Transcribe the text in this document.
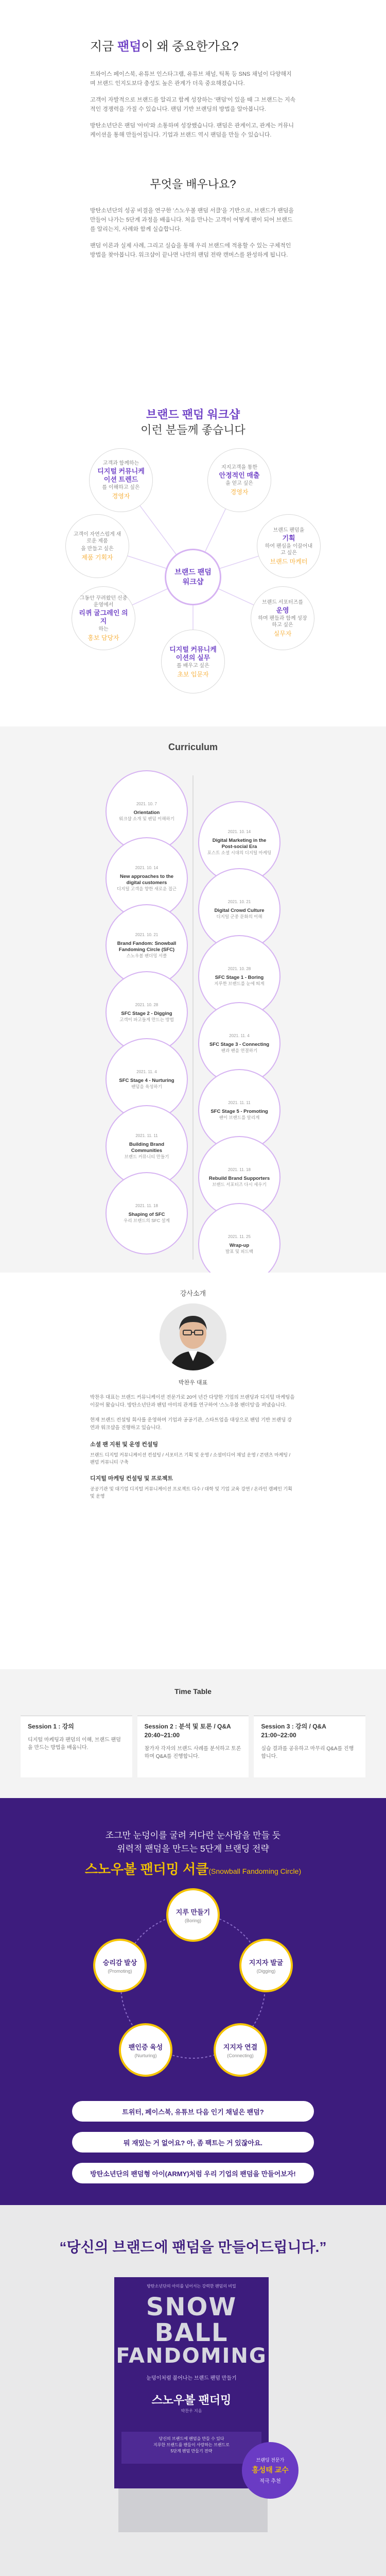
지금 팬덤이 왜 중요한가요?

트와이스 페이스북, 유튜브 인스타그램, 유튜브 채널, 틱톡 등 SNS 채널이 다양해지며 브랜드 인지도보다 충성도 높은 관계가 더욱 중요해졌습니다.

고객이 자발적으로 브랜드를 알리고 함께 성장하는 '팬덤'이 있을 때 그 브랜드는 지속적인 경쟁력을 가질 수 있습니다. 팬덤 기반 브랜딩의 방법을 알아봅니다.

방탄소년단은 팬덤 '아미'와 소통하며 성장했습니다. 팬덤은 관계이고, 관계는 커뮤니케이션을 통해 만들어집니다. 기업과 브랜드 역시 팬덤을 만들 수 있습니다.

무엇을 배우나요?

방탄소년단의 성공 비결을 연구한 '스노우볼 팬덤 서클'을 기반으로, 브랜드가 팬덤을 만들어 나가는 5단계 과정을 배웁니다. 처음 만나는 고객이 어떻게 팬이 되어 브랜드를 알리는지, 사례와 함께 실습합니다.

팬덤 이론과 실제 사례, 그리고 실습을 통해 우리 브랜드에 적용할 수 있는 구체적인 방법을 찾아봅니다. 워크샵이 끝나면 나만의 팬덤 전략 캔버스를 완성하게 됩니다.

브랜드 팬덤 워크샵
이런 분들께 좋습니다
브랜드 팬덤 워크샵
고객과 함께하는
디지털 커뮤니케이션 트렌드
를 이해하고 싶은
경영자
지지고객을 통한
안정적인 매출
을 얻고 싶은
경영자
고객이 자연스럽게 새로운 제품
을 만들고 싶은
제품 기획자
브랜드 팬덤을
기획
하여 팬심을 이끌어내고 싶은
브랜드 마케터
그동안 꾸려왔던 신중 운영에서
리퀴 굴그레인 의지
하는
홍보 담당자
브랜드 서포터즈를
운영
하며 팬들과 함께 성장하고 싶은
실무자
디지털 커뮤니케이션의 실무
를 배우고 싶은
초보 입문자
Curriculum
2021. 10. 7
Orientation
워크샵 소개 및 팬덤 이해하기
2021. 10. 14
Digital Marketing in the Post-social Era
포스트 소셜 시대의 디지털 마케팅
2021. 10. 14
New approaches to the digital customers
디지털 고객을 향한 새로운 접근
2021. 10. 21
Digital Crowd Culture
디지털 군중 문화의 이해
2021. 10. 21
Brand Fandom: Snowball Fandoming Circle (SFC)
스노우볼 팬더밍 서클
2021. 10. 28
SFC Stage 1 - Boring
지루한 브랜드를 눈에 띄게
2021. 10. 28
SFC Stage 2 - Digging
고객이 파고들게 만드는 방법
2021. 11. 4
SFC Stage 3 - Connecting
팬과 팬을 연결하기
2021. 11. 4
SFC Stage 4 - Nurturing
팬덤을 육성하기
2021. 11. 11
SFC Stage 5 - Promoting
팬이 브랜드를 알리게
2021. 11. 11
Building Brand Communities
브랜드 커뮤니티 만들기
2021. 11. 18
Rebuild Brand Supporters
브랜드 서포터즈 다시 세우기
2021. 11. 18
Shaping of SFC
우리 브랜드의 SFC 설계
2021. 11. 25
Wrap-up
발표 및 피드백
강사소개
박찬우 대표

박찬우 대표는 브랜드 커뮤니케이션 전문가로 20여 년간 다양한 기업의 브랜딩과 디지털 마케팅을 이끌어 왔습니다. 방탄소년단과 팬덤 아미의 관계를 연구하여 '스노우볼 팬더밍'을 펴냈습니다.

현재 브랜드 컨설팅 회사를 운영하며 기업과 공공기관, 스타트업을 대상으로 팬덤 기반 브랜딩 강연과 워크샵을 진행하고 있습니다.

소셜 팬 지원 및 운영 컨설팅

브랜드 디지털 커뮤니케이션 컨설팅 / 서포터즈 기획 및 운영 / 소셜미디어 채널 운영 / 콘텐츠 마케팅 / 팬덤 커뮤니티 구축

디지털 마케팅 컨설팅 및 프로젝트

공공기관 및 대기업 디지털 커뮤니케이션 프로젝트 다수 / 대학 및 기업 교육 강연 / 온라인 캠페인 기획 및 운영

Time Table
Session 1 : 강의
디지털 마케팅과 팬덤의 이해, 브랜드 팬덤을 만드는 방법을 배웁니다.
Session 2 : 분석 및 토론 / Q&A
20:40~21:00
참가자 각자의 브랜드 사례를 분석하고 토론하며 Q&A를 진행합니다.
Session 3 : 강의 / Q&A
21:00~22:00
실습 결과를 공유하고 마무리 Q&A를 진행합니다.
조그만 눈덩이를 굴려 커다란 눈사람을 만들 듯
위력적 팬덤을 만드는 5단계 브랜딩 전략
스노우볼 팬더밍 서클(Snowball Fandoming Circle)
지루 만들기
(Boring)
지지자 발굴
(Digging)
지지자 연결
(Connecting)
팬인증 육성
(Nurturing)
승리감 발상
(Promoting)
트위터, 페이스북, 유튜브 다음 인기 채널은 팬덤?
뭐 재밌는 거 없어요? 아, 좀 팩트는 거 있잖아요.
방탄소년단의 팬덤형 아이(ARMY)처럼 우리 기업의 팬덤을 만들어보자!
“당신의 브랜드에 팬덤을 만들어드립니다.”
방탄소년단의 아미를 넘어서는 강력한 팬덤의 비밀
SNOW
BALL
FANDOMING
눈덩이처럼 불어나는 브랜드 팬덤 만들기
스노우볼 팬더밍
박찬우 지음
당신의 브랜드에 팬덤을 만들 수 있다
지루한 브랜드를 팬들이 사랑하는 브랜드로
5단계 팬덤 만들기 전략
브랜딩 전문가
홍성태 교수
적극 추천
